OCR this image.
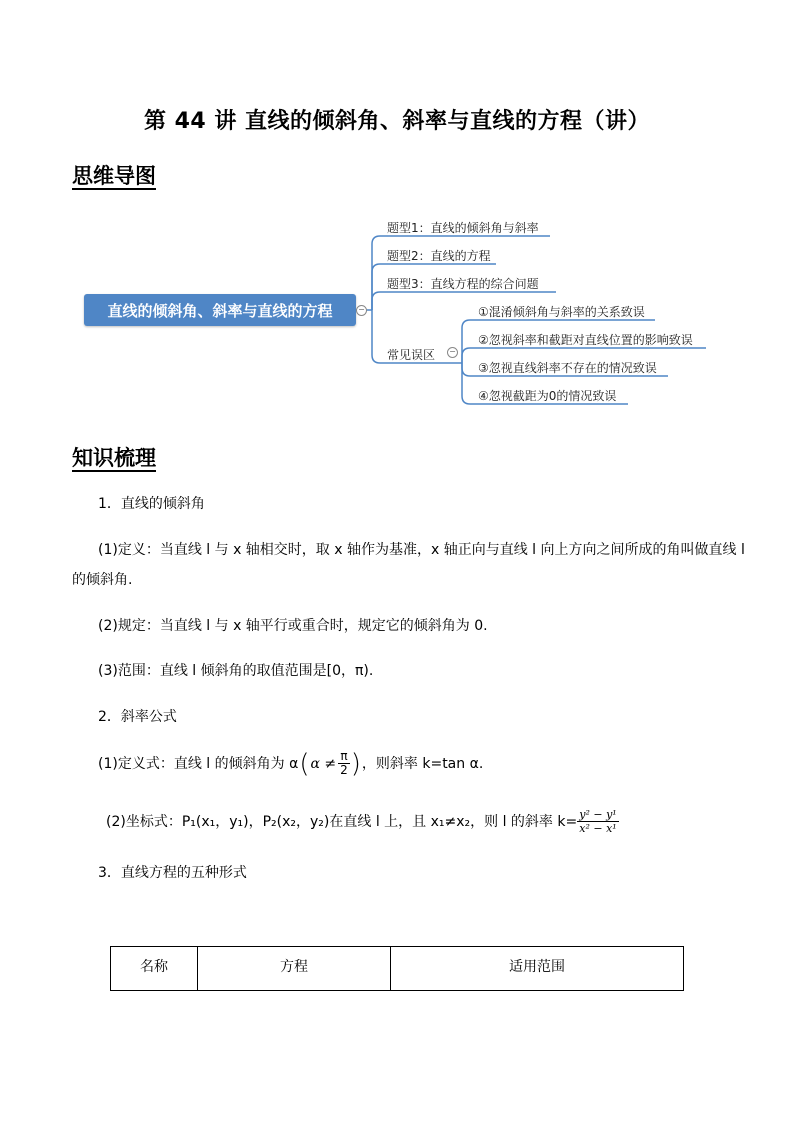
第 44 讲 直线的倾斜角、斜率与直线的方程（讲）
思维导图
直线的倾斜角、斜率与直线的方程	−
题型1：直线的倾斜角与斜率
题型2：直线的方程
题型3：直线方程的综合问题
常见误区 −
①混淆倾斜角与斜率的关系致误
②忽视斜率和截距对直线位置的影响致误
③忽视直线斜率不存在的情况致误
④忽视截距为0的情况致误
知识梳理
1．直线的倾斜角
(1)定义：当直线 l 与 x 轴相交时，取 x 轴作为基准，x 轴正向与直线 l 向上方向之间所成的角叫做直线 l
的倾斜角.
(2)规定：当直线 l 与 x 轴平行或重合时，规定它的倾斜角为 0.
(3)范围：直线 l 倾斜角的取值范围是[0，π).
2．斜率公式
(1)定义式：直线 l 的倾斜角为 α ( $\alpha \ne \frac{\pi}{2}$ ) ，则斜率 k=tan α.
(2)坐标式：P₁(x₁，y₁)，P₂(x₂，y₂)在直线 l 上，且 x₁≠x₂，则 l 的斜率 $k= \frac{\text{y² − y¹}}{\text{x² − x¹}}$
3．直线方程的五种形式
名称	方程	适用范围
